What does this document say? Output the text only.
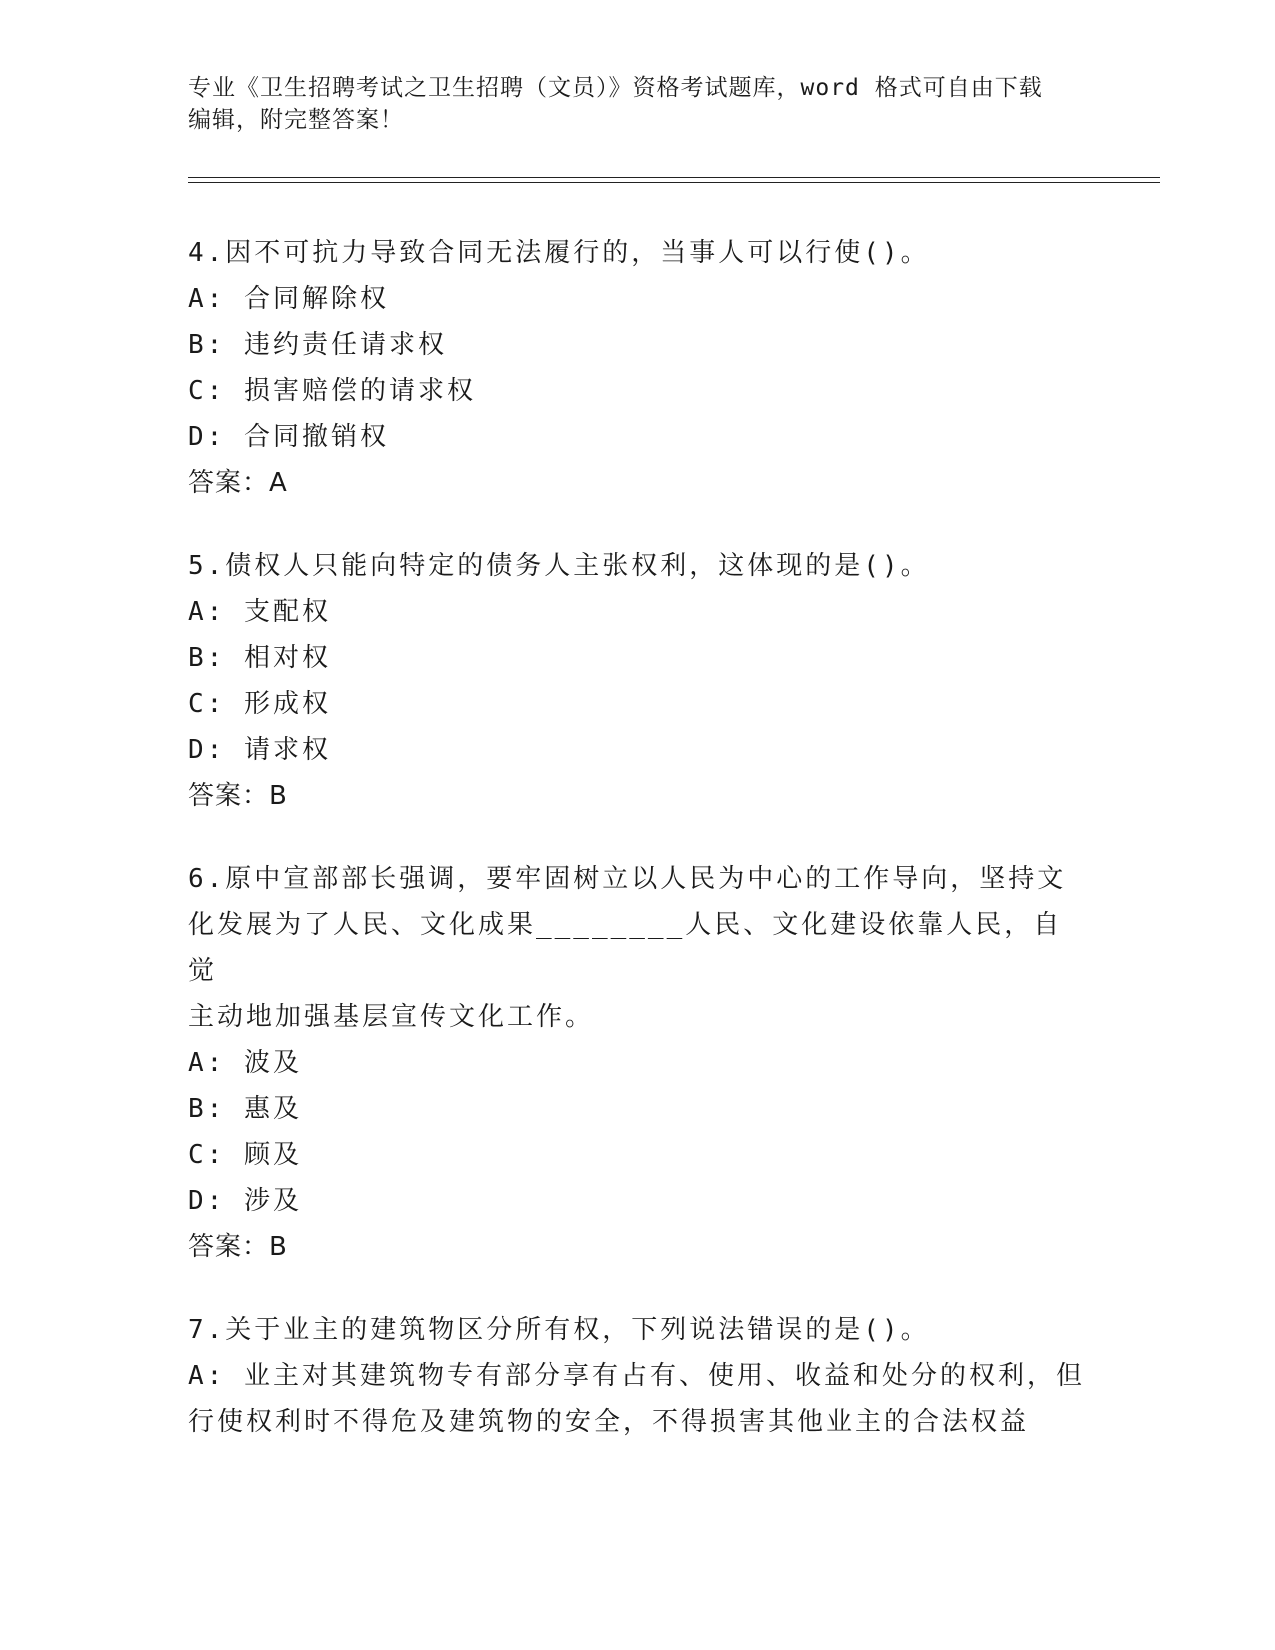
专业《卫生招聘考试之卫生招聘（文员）》资格考试题库，word 格式可自由下载
编辑，附完整答案！
4.因不可抗力导致合同无法履行的，当事人可以行使()。
A: 合同解除权
B: 违约责任请求权
C: 损害赔偿的请求权
D: 合同撤销权
答案：A
5.债权人只能向特定的债务人主张权利，这体现的是()。
A: 支配权
B: 相对权
C: 形成权
D: 请求权
答案：B
6.原中宣部部长强调，要牢固树立以人民为中心的工作导向，坚持文
化发展为了人民、文化成果________人民、文化建设依靠人民，自觉
主动地加强基层宣传文化工作。
A: 波及
B: 惠及
C: 顾及
D: 涉及
答案：B
7.关于业主的建筑物区分所有权，下列说法错误的是()。
A: 业主对其建筑物专有部分享有占有、使用、收益和处分的权利，但
行使权利时不得危及建筑物的安全，不得损害其他业主的合法权益
